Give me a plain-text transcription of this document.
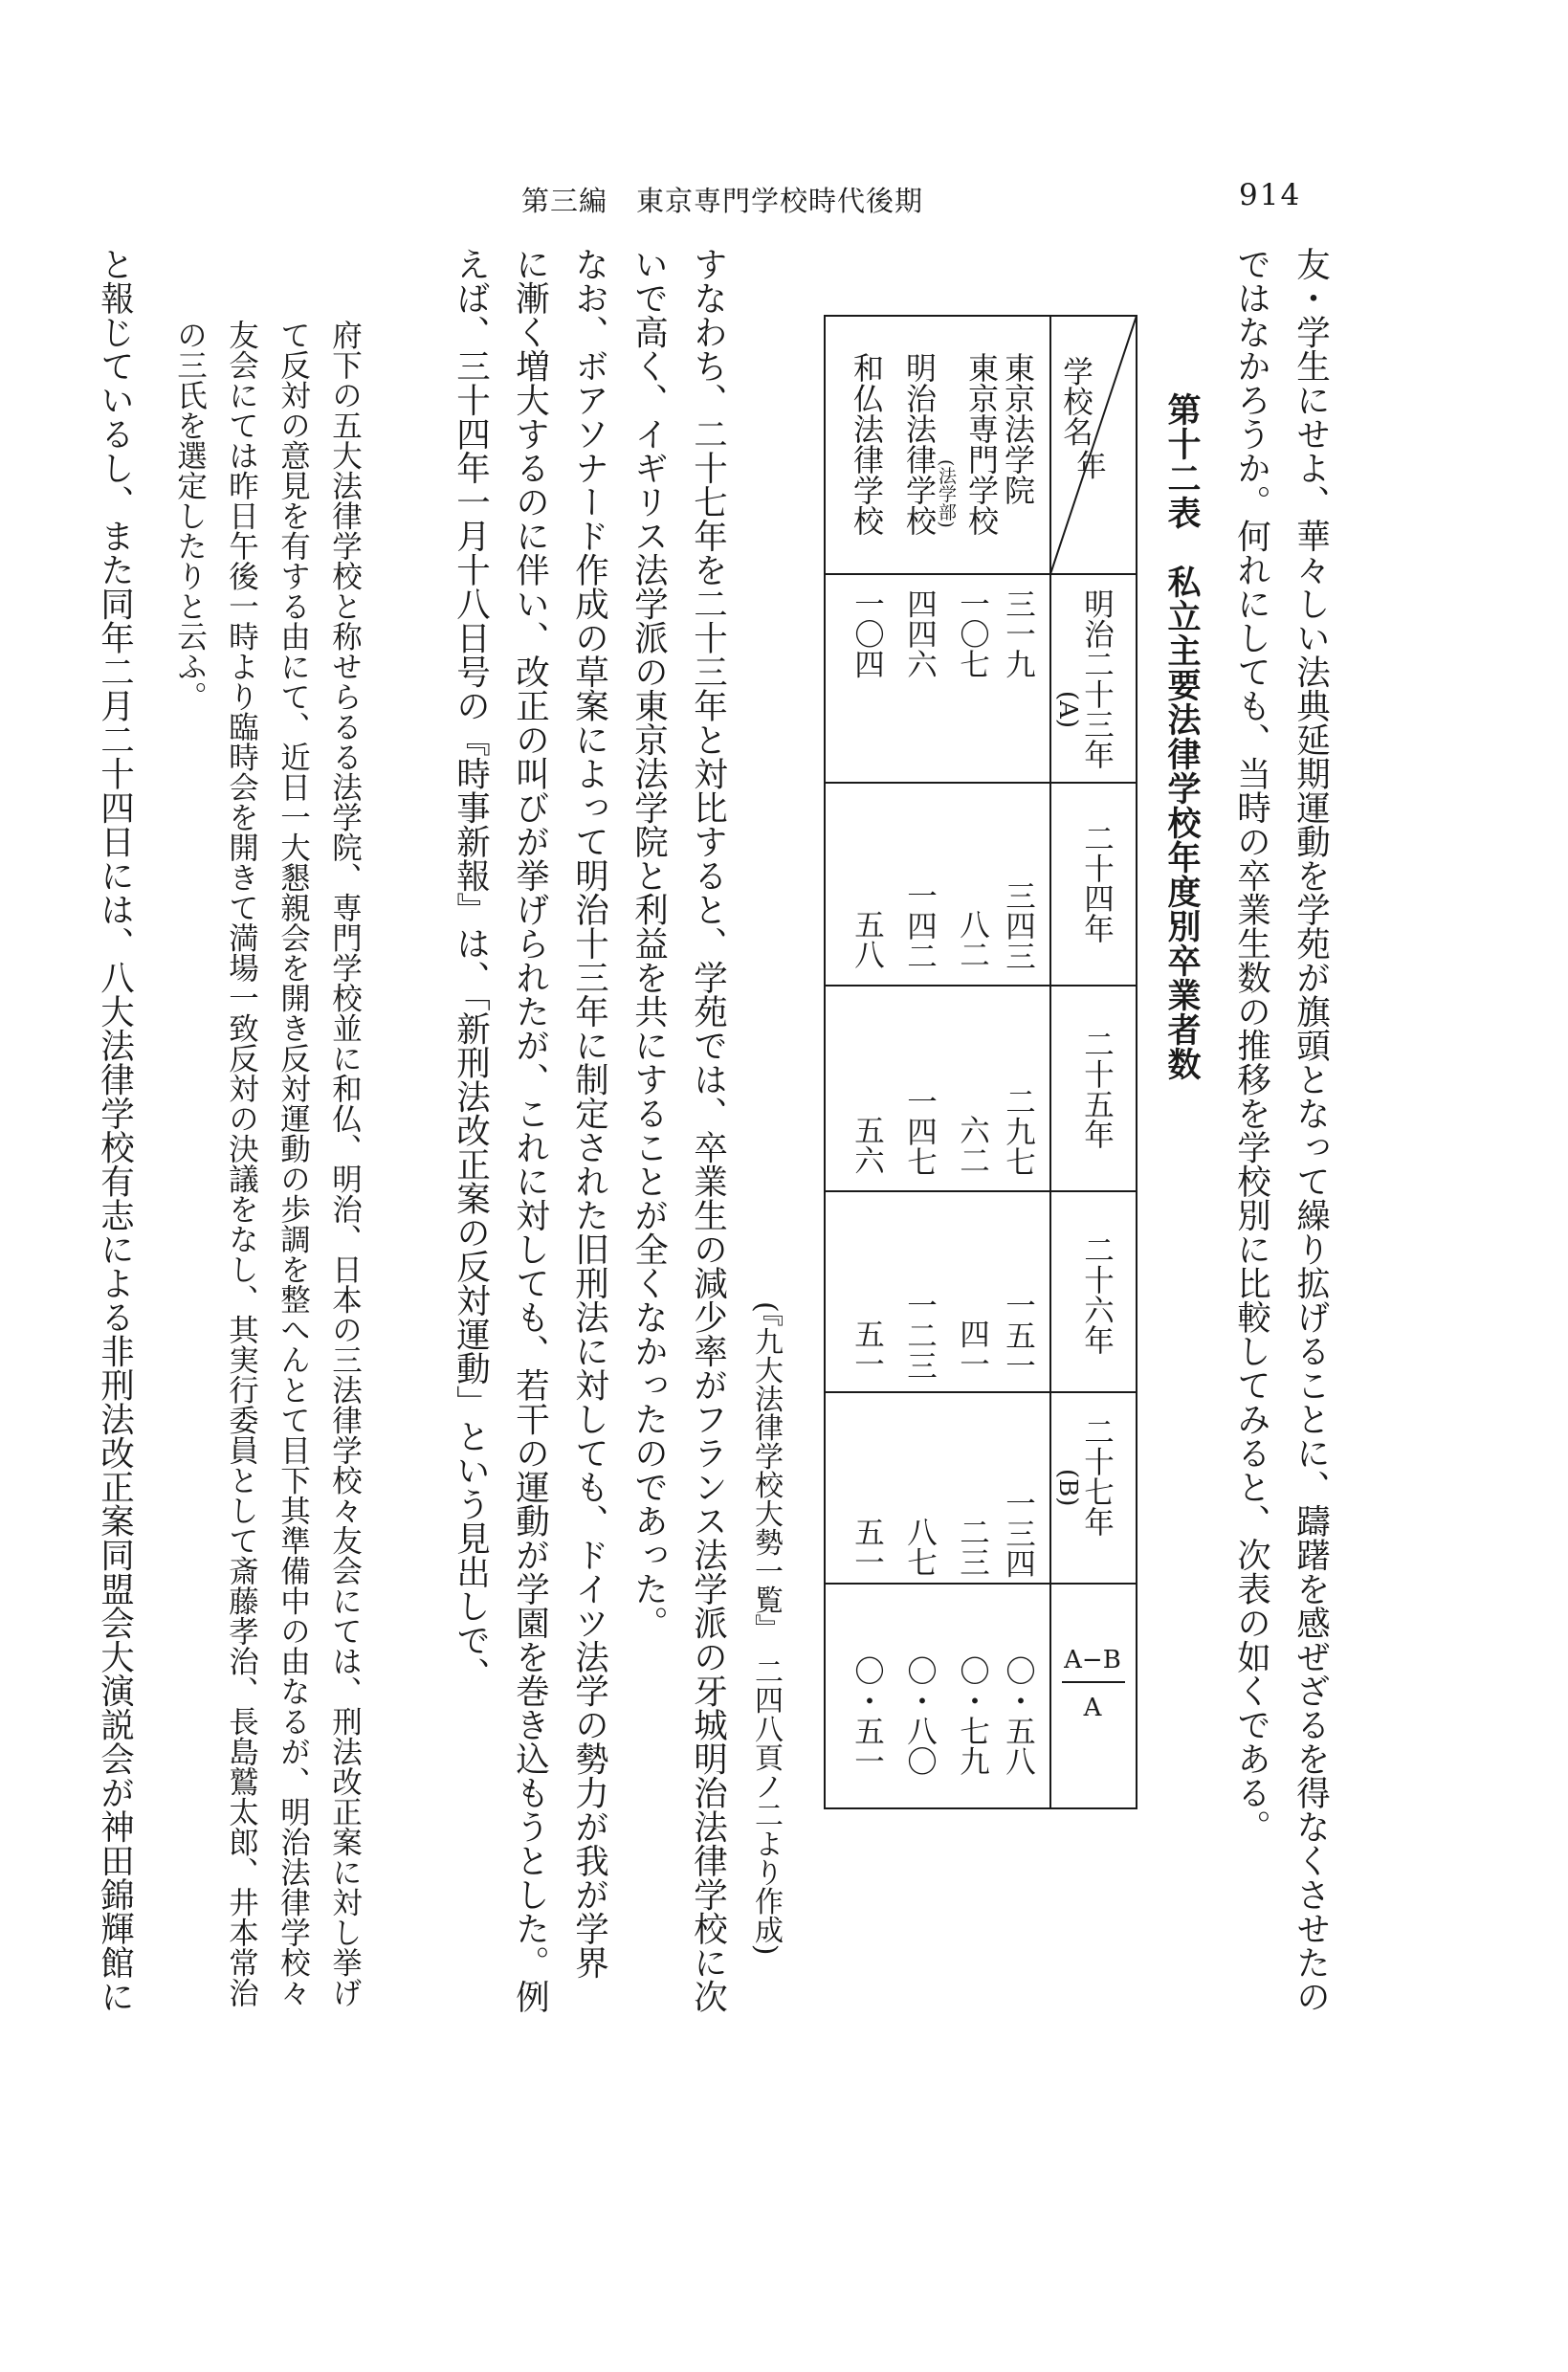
第三編　東京専門学校時代後期	914
友・学生にせよ、華々しい法典延期運動を学苑が旗頭となって繰り拡げることに、躊躇を感ぜざるを得なくさせたの
ではなかろうか。何れにしても、当時の卒業生数の推移を学校別に比較してみると、次表の如くである。
第十二表　私立主要法律学校年度別卒業者数
年
学校名
明治二十三年
(A)
二十四年
二十五年
二十六年
二十七年
(B)
A−B
A
東京法学院
東京専門学校
(法学部)
明治法律学校
和仏法律学校
三一九
三四三
二九七
一五一
一三四
〇・五八
一〇七
八二
六二
四一
二三
〇・七九
四四六
一四二
一四七
一二三
八七
〇・八〇
一〇四
五八
五六
五一
五一
〇・五一
(『九大法律学校大勢一覧』　二四八頁ノ二より作成)
すなわち、二十七年を二十三年と対比すると、学苑では、卒業生の減少率がフランス法学派の牙城明治法律学校に次
いで高く、イギリス法学派の東京法学院と利益を共にすることが全くなかったのであった。
なお、ボアソナード作成の草案によって明治十三年に制定された旧刑法に対しても、ドイツ法学の勢力が我が学界
に漸く増大するのに伴い、改正の叫びが挙げられたが、これに対しても、若干の運動が学園を巻き込もうとした。例
えば、三十四年一月十八日号の『時事新報』は、「新刑法改正案の反対運動」という見出しで、
府下の五大法律学校と称せらるる法学院、専門学校並に和仏、明治、日本の三法律学校々友会にては、刑法改正案に対し挙げ
て反対の意見を有する由にて、近日一大懇親会を開き反対運動の歩調を整へんとて目下其準備中の由なるが、明治法律学校々
友会にては昨日午後一時より臨時会を開きて満場一致反対の決議をなし、其実行委員として斎藤孝治、長島鷲太郎、井本常治
の三氏を選定したりと云ふ。
と報じているし、また同年二月二十四日には、八大法律学校有志による非刑法改正案同盟会大演説会が神田錦輝館に
